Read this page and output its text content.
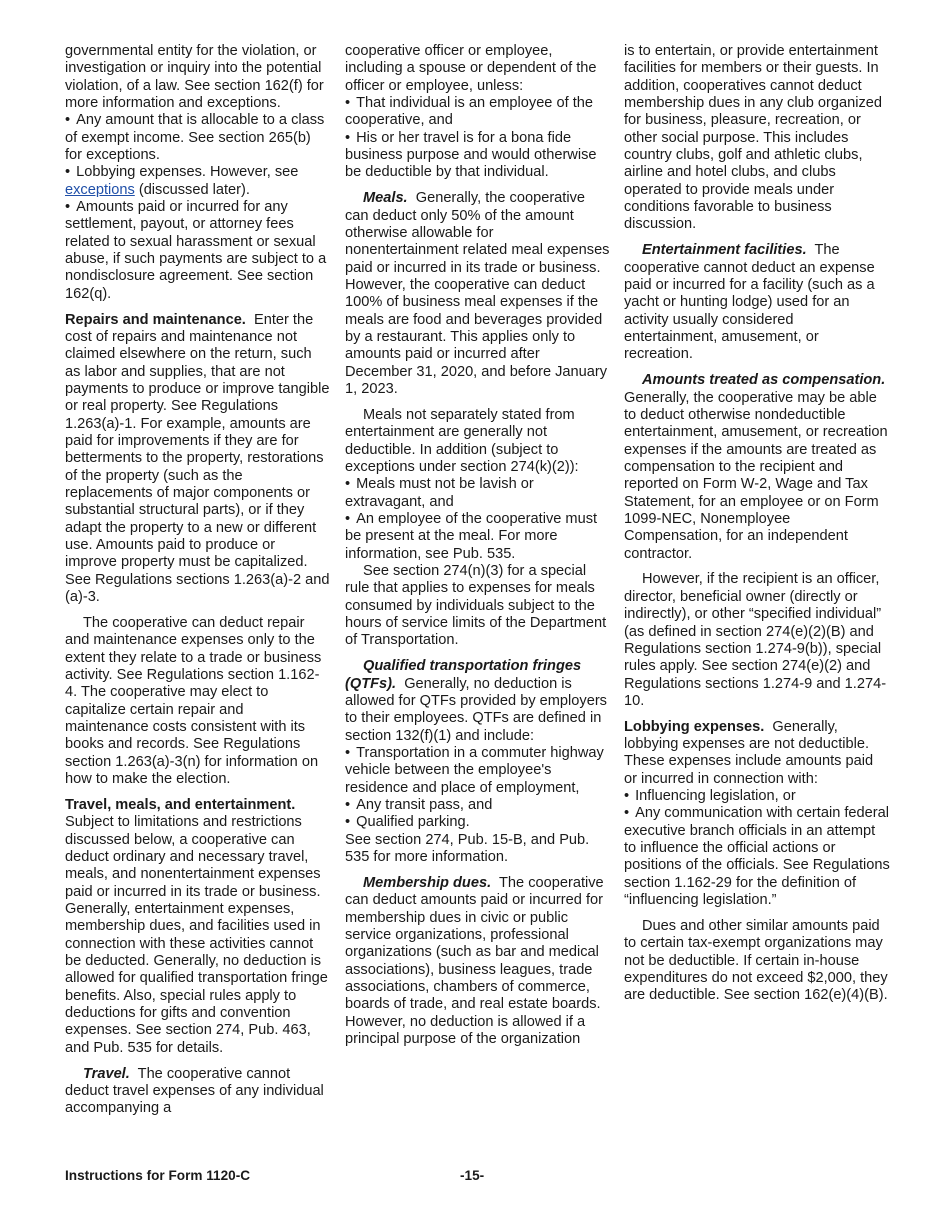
governmental entity for the violation, or investigation or inquiry into the potential violation, of a law. See section 162(f) for more information and exceptions.

• Any amount that is allocable to a class of exempt income. See section 265(b) for exceptions.

• Lobbying expenses. However, see exceptions (discussed later).

• Amounts paid or incurred for any settlement, payout, or attorney fees related to sexual harassment or sexual abuse, if such payments are subject to a nondisclosure agreement. See section 162(q).

Repairs and maintenance. Enter the cost of repairs and maintenance not claimed elsewhere on the return, such as labor and supplies, that are not payments to produce or improve tangible or real property. See Regulations 1.263(a)-1. For example, amounts are paid for improvements if they are for betterments to the property, restorations of the property (such as the replacements of major components or substantial structural parts), or if they adapt the property to a new or different use. Amounts paid to produce or improve property must be capitalized. See Regulations sections 1.263(a)-2 and (a)-3.

The cooperative can deduct repair and maintenance expenses only to the extent they relate to a trade or business activity. See Regulations section 1.162-4. The cooperative may elect to capitalize certain repair and maintenance costs consistent with its books and records. See Regulations section 1.263(a)-3(n) for information on how to make the election.

Travel, meals, and entertainment.  Subject to limitations and restrictions discussed below, a cooperative can deduct ordinary and necessary travel, meals, and nonentertainment expenses paid or incurred in its trade or business. Generally, entertainment expenses, membership dues, and facilities used in connection with these activities cannot be deducted. Generally, no deduction is allowed for qualified transportation fringe benefits. Also, special rules apply to deductions for gifts and convention expenses. See section 274, Pub. 463, and Pub. 535 for details.

Travel. The cooperative cannot deduct travel expenses of any individual accompanying a

cooperative officer or employee, including a spouse or dependent of the officer or employee, unless:

• That individual is an employee of the cooperative, and

• His or her travel is for a bona fide business purpose and would otherwise be deductible by that individual.

Meals. Generally, the cooperative can deduct only 50% of the amount otherwise allowable for nonentertainment related meal expenses paid or incurred in its trade or business. However, the cooperative can deduct 100% of business meal expenses if the meals are food and beverages provided by a restaurant. This applies only to amounts paid or incurred after December 31, 2020, and before January 1, 2023.

Meals not separately stated from entertainment are generally not deductible. In addition (subject to exceptions under section 274(k)(2)):

• Meals must not be lavish or extravagant, and

• An employee of the cooperative must be present at the meal. For more information, see Pub. 535.

See section 274(n)(3) for a special rule that applies to expenses for meals consumed by individuals subject to the hours of service limits of the Department of Transportation.

Qualified transportation fringes (QTFs). Generally, no deduction is allowed for QTFs provided by employers to their employees. QTFs are defined in section 132(f)(1) and include:

• Transportation in a commuter highway vehicle between the employee's residence and place of employment,

• Any transit pass, and

• Qualified parking.

See section 274, Pub. 15-B, and Pub. 535 for more information.

Membership dues. The cooperative can deduct amounts paid or incurred for membership dues in civic or public service organizations, professional organizations (such as bar and medical associations), business leagues, trade associations, chambers of commerce, boards of trade, and real estate boards. However, no deduction is allowed if a principal purpose of the organization

is to entertain, or provide entertainment facilities for members or their guests. In addition, cooperatives cannot deduct membership dues in any club organized for business, pleasure, recreation, or other social purpose. This includes country clubs, golf and athletic clubs, airline and hotel clubs, and clubs operated to provide meals under conditions favorable to business discussion.

Entertainment facilities. The cooperative cannot deduct an expense paid or incurred for a facility (such as a yacht or hunting lodge) used for an activity usually considered entertainment, amusement, or recreation.

Amounts treated as compensation.  Generally, the cooperative may be able to deduct otherwise nondeductible entertainment, amusement, or recreation expenses if the amounts are treated as compensation to the recipient and reported on Form W-2, Wage and Tax Statement, for an employee or on Form 1099-NEC, Nonemployee Compensation, for an independent contractor.

However, if the recipient is an officer, director, beneficial owner (directly or indirectly), or other “specified individual” (as defined in section 274(e)(2)(B) and Regulations section 1.274-9(b)), special rules apply. See section 274(e)(2) and Regulations sections 1.274-9 and 1.274-10.

Lobbying expenses. Generally, lobbying expenses are not deductible. These expenses include amounts paid or incurred in connection with:

• Influencing legislation, or

• Any communication with certain federal executive branch officials in an attempt to influence the official actions or positions of the officials. See Regulations section 1.162-29 for the definition of “influencing legislation.”

Dues and other similar amounts paid to certain tax-exempt organizations may not be deductible. If certain in-house expenditures do not exceed $2,000, they are deductible. See section 162(e)(4)(B).

Instructions for Form 1120-C	-15-
